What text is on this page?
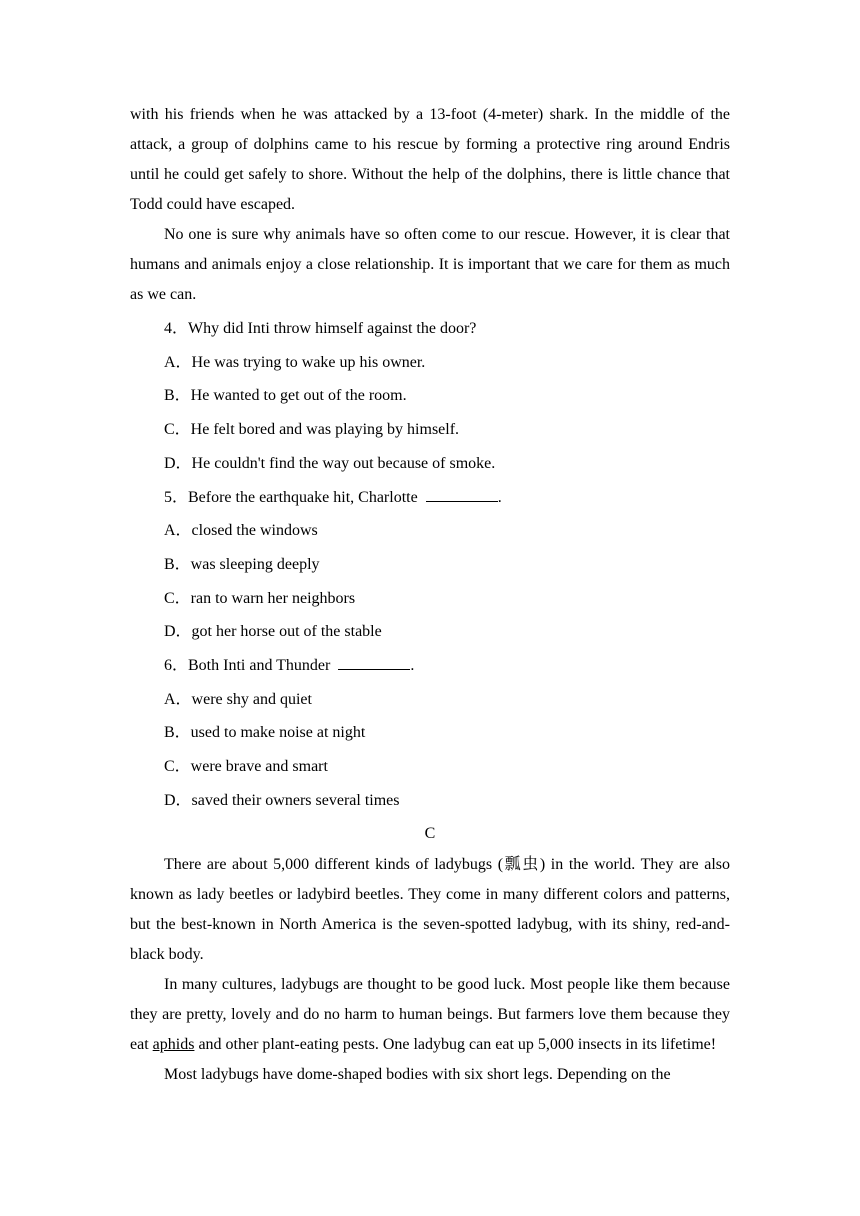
with his friends when he was attacked by a 13-foot (4-meter) shark. In the middle of the attack, a group of dolphins came to his rescue by forming a protective ring around Endris until he could get safely to shore. Without the help of the dolphins, there is little chance that Todd could have escaped.

No one is sure why animals have so often come to our rescue. However, it is clear that humans and animals enjoy a close relationship. It is important that we care for them as much as we can.

4．Why did Inti throw himself against the door?

A．He was trying to wake up his owner.

B．He wanted to get out of the room.

C．He felt bored and was playing by himself.

D．He couldn't find the way out because of smoke.

5．Before the earthquake hit, Charlotte	.

A．closed the windows

B．was sleeping deeply

C．ran to warn her neighbors

D．got her horse out of the stable

6．Both Inti and Thunder	.

A．were shy and quiet

B．used to make noise at night

C．were brave and smart

D．saved their owners several times

C

There are about 5,000 different kinds of ladybugs (瓢虫) in the world. They are also known as lady beetles or ladybird beetles. They come in many different colors and patterns, but the best-known in North America is the seven-spotted ladybug, with its shiny, red-and-black body.

In many cultures, ladybugs are thought to be good luck. Most people like them because they are pretty, lovely and do no harm to human beings. But farmers love them because they eat aphids and other plant-eating pests. One ladybug can eat up 5,000 insects in its lifetime!

Most ladybugs have dome-shaped bodies with six short legs. Depending on the
